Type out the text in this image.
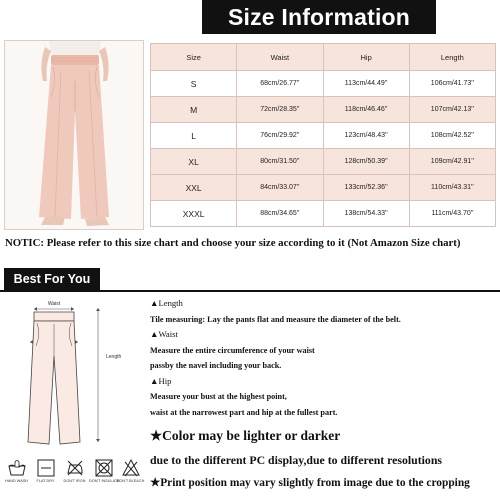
Size Information
Size	Waist	Hip	Length
S	68cm/26.77''	113cm/44.49''	106cm/41.73''
M	72cm/28.35''	118cm/46.46''	107cm/42.13''
L	76cm/29.92''	123cm/48.43''	108cm/42.52''
XL	80cm/31.50''	128cm/50.39''	109cm/42.91''
XXL	84cm/33.07''	133cm/52.36''	110cm/43.31''
XXXL	88cm/34.65''	138cm/54.33''	111cm/43.70''
NOTIC: Please refer to this size chart and choose your size according to it (Not Amazon Size chart)
Best For You
Waist
Length
HAND WASH	FLAT DRY	DON'T IRON DON'T INSULATE
DON'T BLEACH
▲Length
Tile measuring: Lay the pants flat and measure the diameter of the belt.
▲Waist
Measure the entire circumference of your waist
passby the navel including your back.
▲Hip
Measure your bust at the highest point,
waist at the narrowest part and hip at the fullest part.
★Color may be lighter or darker
due to the different PC display,due to different resolutions
★Print position may vary slightly from image due to the cropping
